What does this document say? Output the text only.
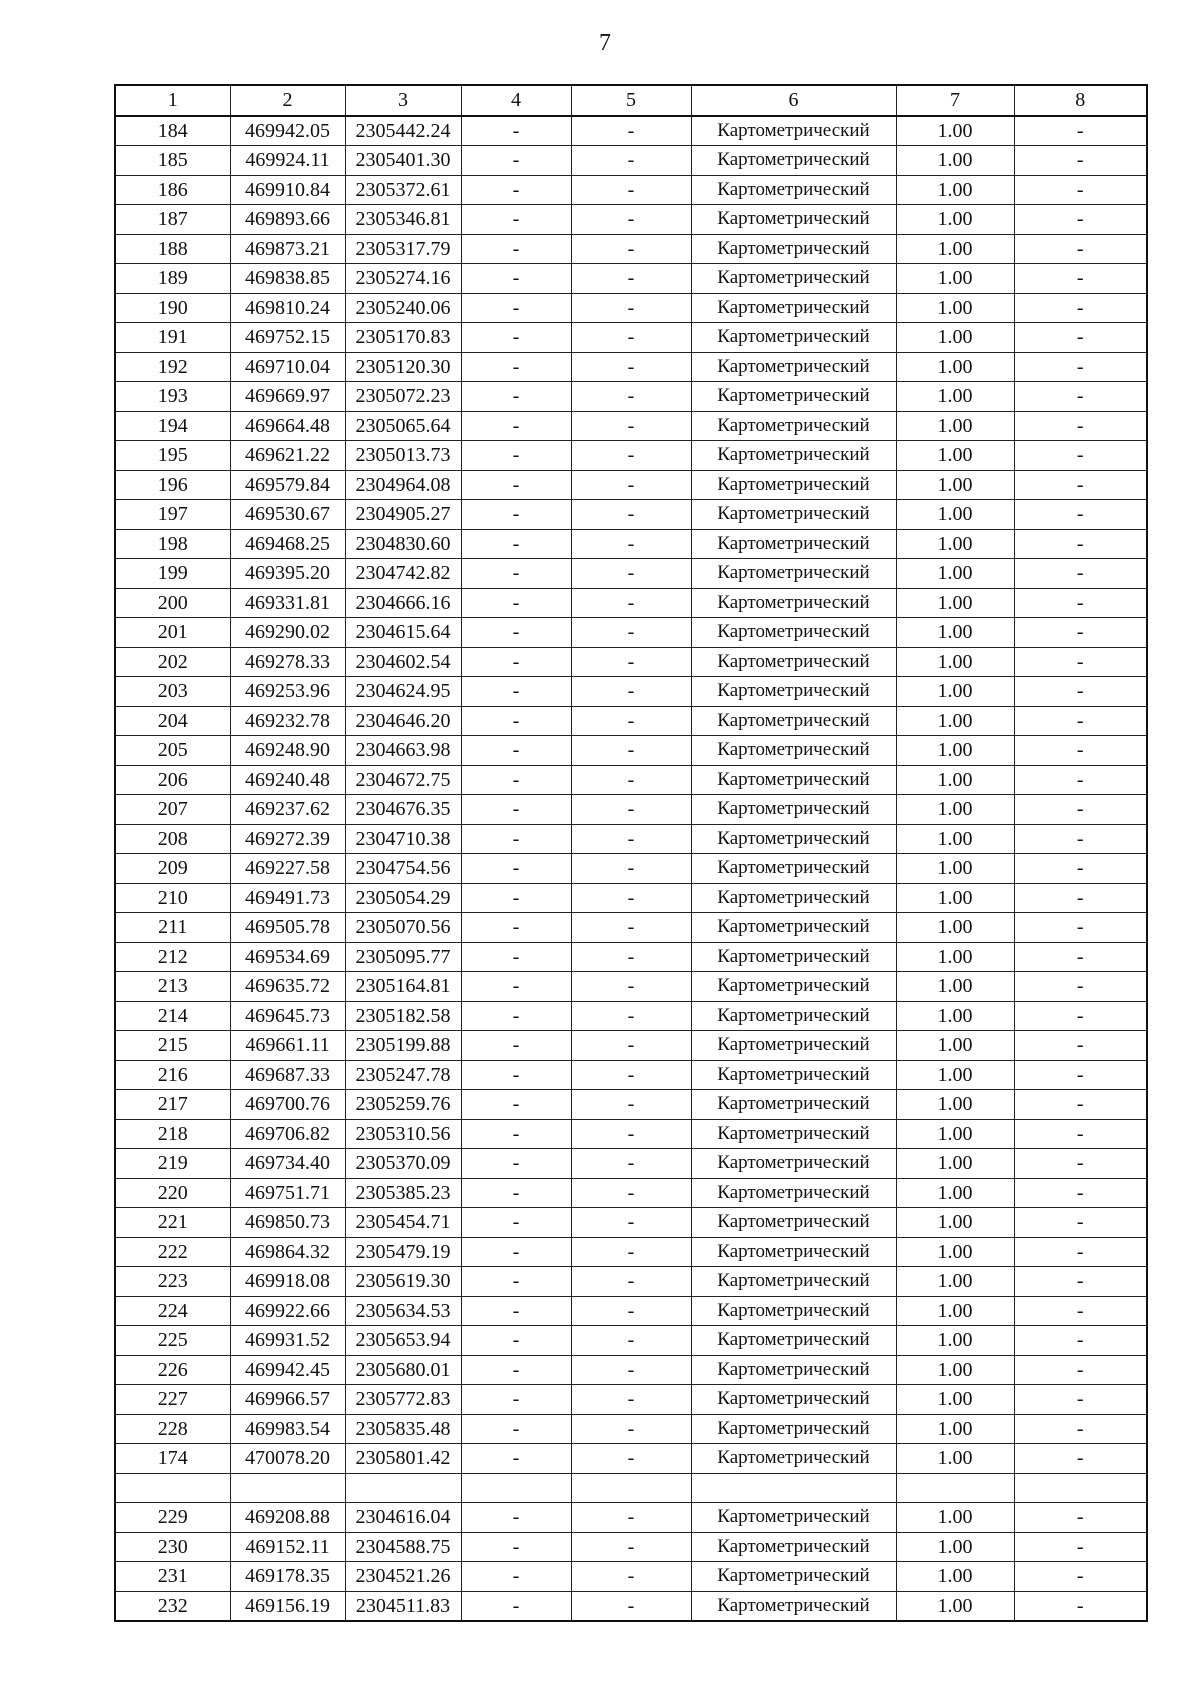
7
1	2	3	4	5	6	7	8
184	469942.05	2305442.24	-	-	Картометрический	1.00	-
185	469924.11	2305401.30	-	-	Картометрический	1.00	-
186	469910.84	2305372.61	-	-	Картометрический	1.00	-
187	469893.66	2305346.81	-	-	Картометрический	1.00	-
188	469873.21	2305317.79	-	-	Картометрический	1.00	-
189	469838.85	2305274.16	-	-	Картометрический	1.00	-
190	469810.24	2305240.06	-	-	Картометрический	1.00	-
191	469752.15	2305170.83	-	-	Картометрический	1.00	-
192	469710.04	2305120.30	-	-	Картометрический	1.00	-
193	469669.97	2305072.23	-	-	Картометрический	1.00	-
194	469664.48	2305065.64	-	-	Картометрический	1.00	-
195	469621.22	2305013.73	-	-	Картометрический	1.00	-
196	469579.84	2304964.08	-	-	Картометрический	1.00	-
197	469530.67	2304905.27	-	-	Картометрический	1.00	-
198	469468.25	2304830.60	-	-	Картометрический	1.00	-
199	469395.20	2304742.82	-	-	Картометрический	1.00	-
200	469331.81	2304666.16	-	-	Картометрический	1.00	-
201	469290.02	2304615.64	-	-	Картометрический	1.00	-
202	469278.33	2304602.54	-	-	Картометрический	1.00	-
203	469253.96	2304624.95	-	-	Картометрический	1.00	-
204	469232.78	2304646.20	-	-	Картометрический	1.00	-
205	469248.90	2304663.98	-	-	Картометрический	1.00	-
206	469240.48	2304672.75	-	-	Картометрический	1.00	-
207	469237.62	2304676.35	-	-	Картометрический	1.00	-
208	469272.39	2304710.38	-	-	Картометрический	1.00	-
209	469227.58	2304754.56	-	-	Картометрический	1.00	-
210	469491.73	2305054.29	-	-	Картометрический	1.00	-
211	469505.78	2305070.56	-	-	Картометрический	1.00	-
212	469534.69	2305095.77	-	-	Картометрический	1.00	-
213	469635.72	2305164.81	-	-	Картометрический	1.00	-
214	469645.73	2305182.58	-	-	Картометрический	1.00	-
215	469661.11	2305199.88	-	-	Картометрический	1.00	-
216	469687.33	2305247.78	-	-	Картометрический	1.00	-
217	469700.76	2305259.76	-	-	Картометрический	1.00	-
218	469706.82	2305310.56	-	-	Картометрический	1.00	-
219	469734.40	2305370.09	-	-	Картометрический	1.00	-
220	469751.71	2305385.23	-	-	Картометрический	1.00	-
221	469850.73	2305454.71	-	-	Картометрический	1.00	-
222	469864.32	2305479.19	-	-	Картометрический	1.00	-
223	469918.08	2305619.30	-	-	Картометрический	1.00	-
224	469922.66	2305634.53	-	-	Картометрический	1.00	-
225	469931.52	2305653.94	-	-	Картометрический	1.00	-
226	469942.45	2305680.01	-	-	Картометрический	1.00	-
227	469966.57	2305772.83	-	-	Картометрический	1.00	-
228	469983.54	2305835.48	-	-	Картометрический	1.00	-
174	470078.20	2305801.42	-	-	Картометрический	1.00	-

229	469208.88	2304616.04	-	-	Картометрический	1.00	-
230	469152.11	2304588.75	-	-	Картометрический	1.00	-
231	469178.35	2304521.26	-	-	Картометрический	1.00	-
232	469156.19	2304511.83	-	-	Картометрический	1.00	-
